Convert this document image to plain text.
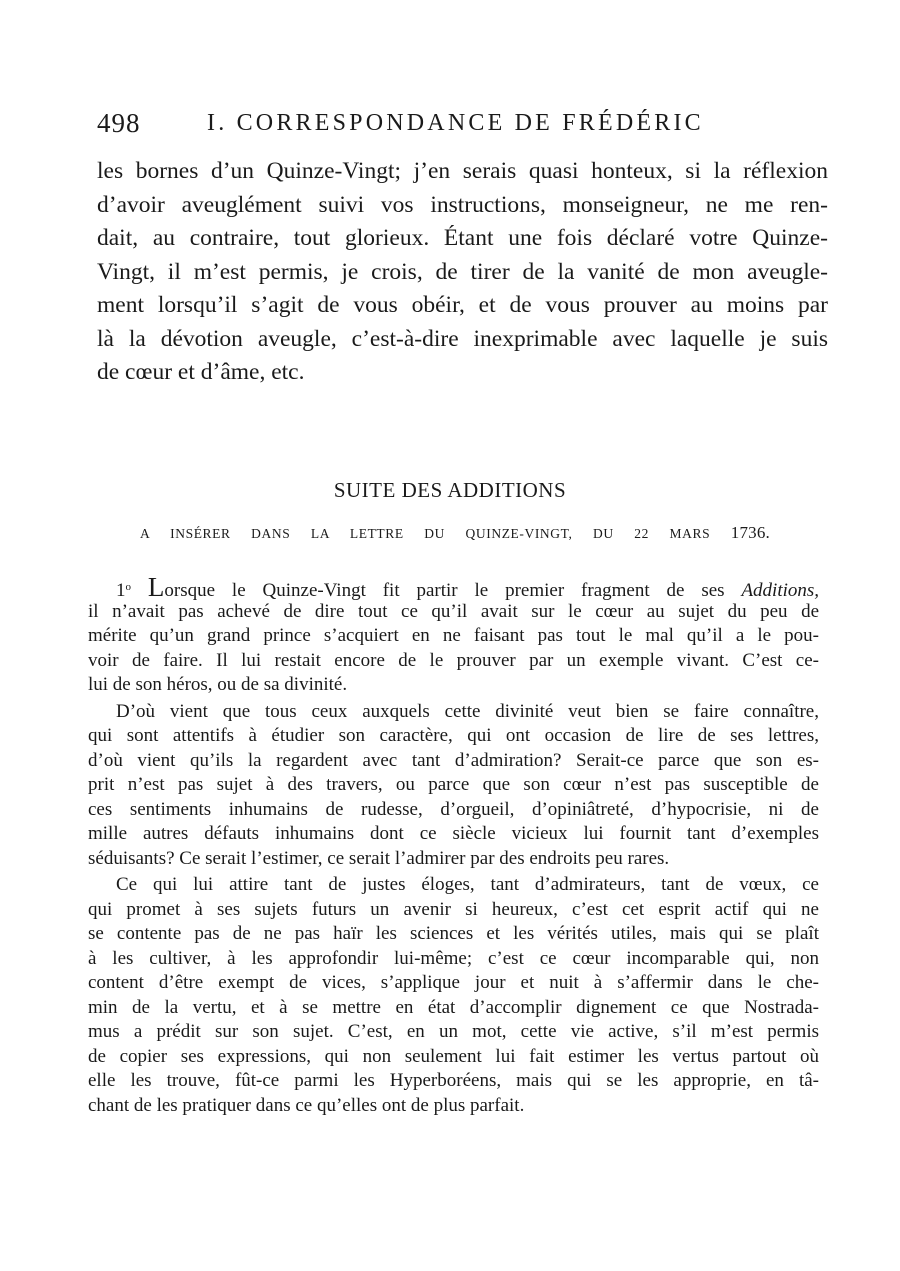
498	I. CORRESPONDANCE DE FRÉDÉRIC
les bornes d’un Quinze-Vingt; j’en serais quasi honteux, si la réflexion
d’avoir aveuglément suivi vos instructions, monseigneur, ne me ren-
dait, au contraire, tout glorieux. Étant une fois déclaré votre Quinze-
Vingt, il m’est permis, je crois, de tirer de la vanité de mon aveugle-
ment lorsqu’il s’agit de vous obéir, et de vous prouver au moins par
là la dévotion aveugle, c’est-à-dire inexprimable avec laquelle je suis
de cœur et d’âme, etc.
SUITE DES ADDITIONS
A INSÉRER DANS LA LETTRE DU QUINZE-VINGT, DU 22 MARS 1736.
1$^o$ Lorsque le Quinze-Vingt fit partir le premier fragment de ses Additions,
il n’avait pas achevé de dire tout ce qu’il avait sur le cœur au sujet du peu de
mérite qu’un grand prince s’acquiert en ne faisant pas tout le mal qu’il a le pou-
voir de faire. Il lui restait encore de le prouver par un exemple vivant. C’est ce-
lui de son héros, ou de sa divinité.
D’où vient que tous ceux auxquels cette divinité veut bien se faire connaître,
qui sont attentifs à étudier son caractère, qui ont occasion de lire de ses lettres,
d’où vient qu’ils la regardent avec tant d’admiration? Serait-ce parce que son es-
prit n’est pas sujet à des travers, ou parce que son cœur n’est pas susceptible de
ces sentiments inhumains de rudesse, d’orgueil, d’opiniâtreté, d’hypocrisie, ni de
mille autres défauts inhumains dont ce siècle vicieux lui fournit tant d’exemples
séduisants? Ce serait l’estimer, ce serait l’admirer par des endroits peu rares.
Ce qui lui attire tant de justes éloges, tant d’admirateurs, tant de vœux, ce
qui promet à ses sujets futurs un avenir si heureux, c’est cet esprit actif qui ne
se contente pas de ne pas haïr les sciences et les vérités utiles, mais qui se plaît
à les cultiver, à les approfondir lui-même; c’est ce cœur incomparable qui, non
content d’être exempt de vices, s’applique jour et nuit à s’affermir dans le che-
min de la vertu, et à se mettre en état d’accomplir dignement ce que Nostrada-
mus a prédit sur son sujet. C’est, en un mot, cette vie active, s’il m’est permis
de copier ses expressions, qui non seulement lui fait estimer les vertus partout où
elle les trouve, fût-ce parmi les Hyperboréens, mais qui se les approprie, en tâ-
chant de les pratiquer dans ce qu’elles ont de plus parfait.
